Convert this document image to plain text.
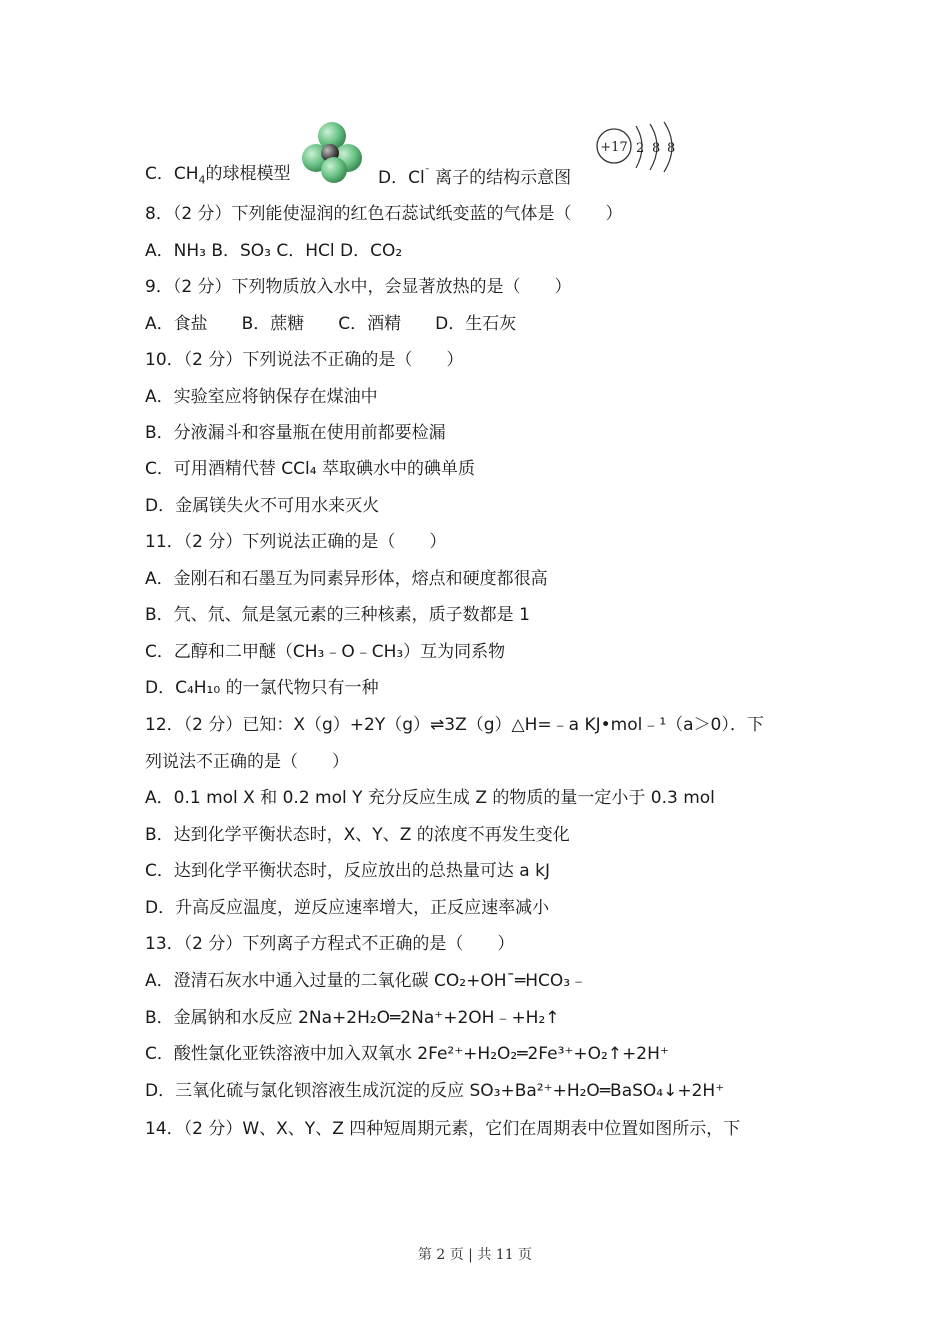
C．$CH_4$的球棍模型	D．Cl¯ 离子的结构示意图
+17 2 8 8
8．（2 分）下列能使湿润的红色石蕊试纸变蓝的气体是（　　）
A．NH₃ B．SO₃ C．HCl D．CO₂
9．（2 分）下列物质放入水中，会显著放热的是（　　）
A．食盐　　B．蔗糖　　C．酒精　　D．生石灰
10．（2 分）下列说法不正确的是（　　）
A．实验室应将钠保存在煤油中
B．分液漏斗和容量瓶在使用前都要检漏
C．可用酒精代替 CCl₄ 萃取碘水中的碘单质
D．金属镁失火不可用水来灭火
11．（2 分）下列说法正确的是（　　）
A．金刚石和石墨互为同素异形体，熔点和硬度都很高
B．氕、氘、氚是氢元素的三种核素，质子数都是 1
C．乙醇和二甲醚（CH₃﹣O﹣CH₃）互为同系物
D．C₄H₁₀ 的一氯代物只有一种
12．（2 分）已知：X（g）+2Y（g）⇌3Z（g）△H=﹣a KJ•mol﹣¹（a＞0）．下
列说法不正确的是（　　）
A．0.1 mol X 和 0.2 mol Y 充分反应生成 Z 的物质的量一定小于 0.3 mol
B．达到化学平衡状态时，X、Y、Z 的浓度不再发生变化
C．达到化学平衡状态时，反应放出的总热量可达 a kJ
D．升高反应温度，逆反应速率增大，正反应速率减小
13．（2 分）下列离子方程式不正确的是（　　）
A．澄清石灰水中通入过量的二氧化碳 CO₂+OH¯═HCO₃﹣
B．金属钠和水反应 2Na+2H₂O═2Na⁺+2OH﹣+H₂↑
C．酸性氯化亚铁溶液中加入双氧水 2Fe²⁺+H₂O₂═2Fe³⁺+O₂↑+2H⁺
D．三氧化硫与氯化钡溶液生成沉淀的反应 SO₃+Ba²⁺+H₂O═BaSO₄↓+2H⁺
14．（2 分）W、X、Y、Z 四种短周期元素，它们在周期表中位置如图所示，下
第 2 页 | 共 11 页
